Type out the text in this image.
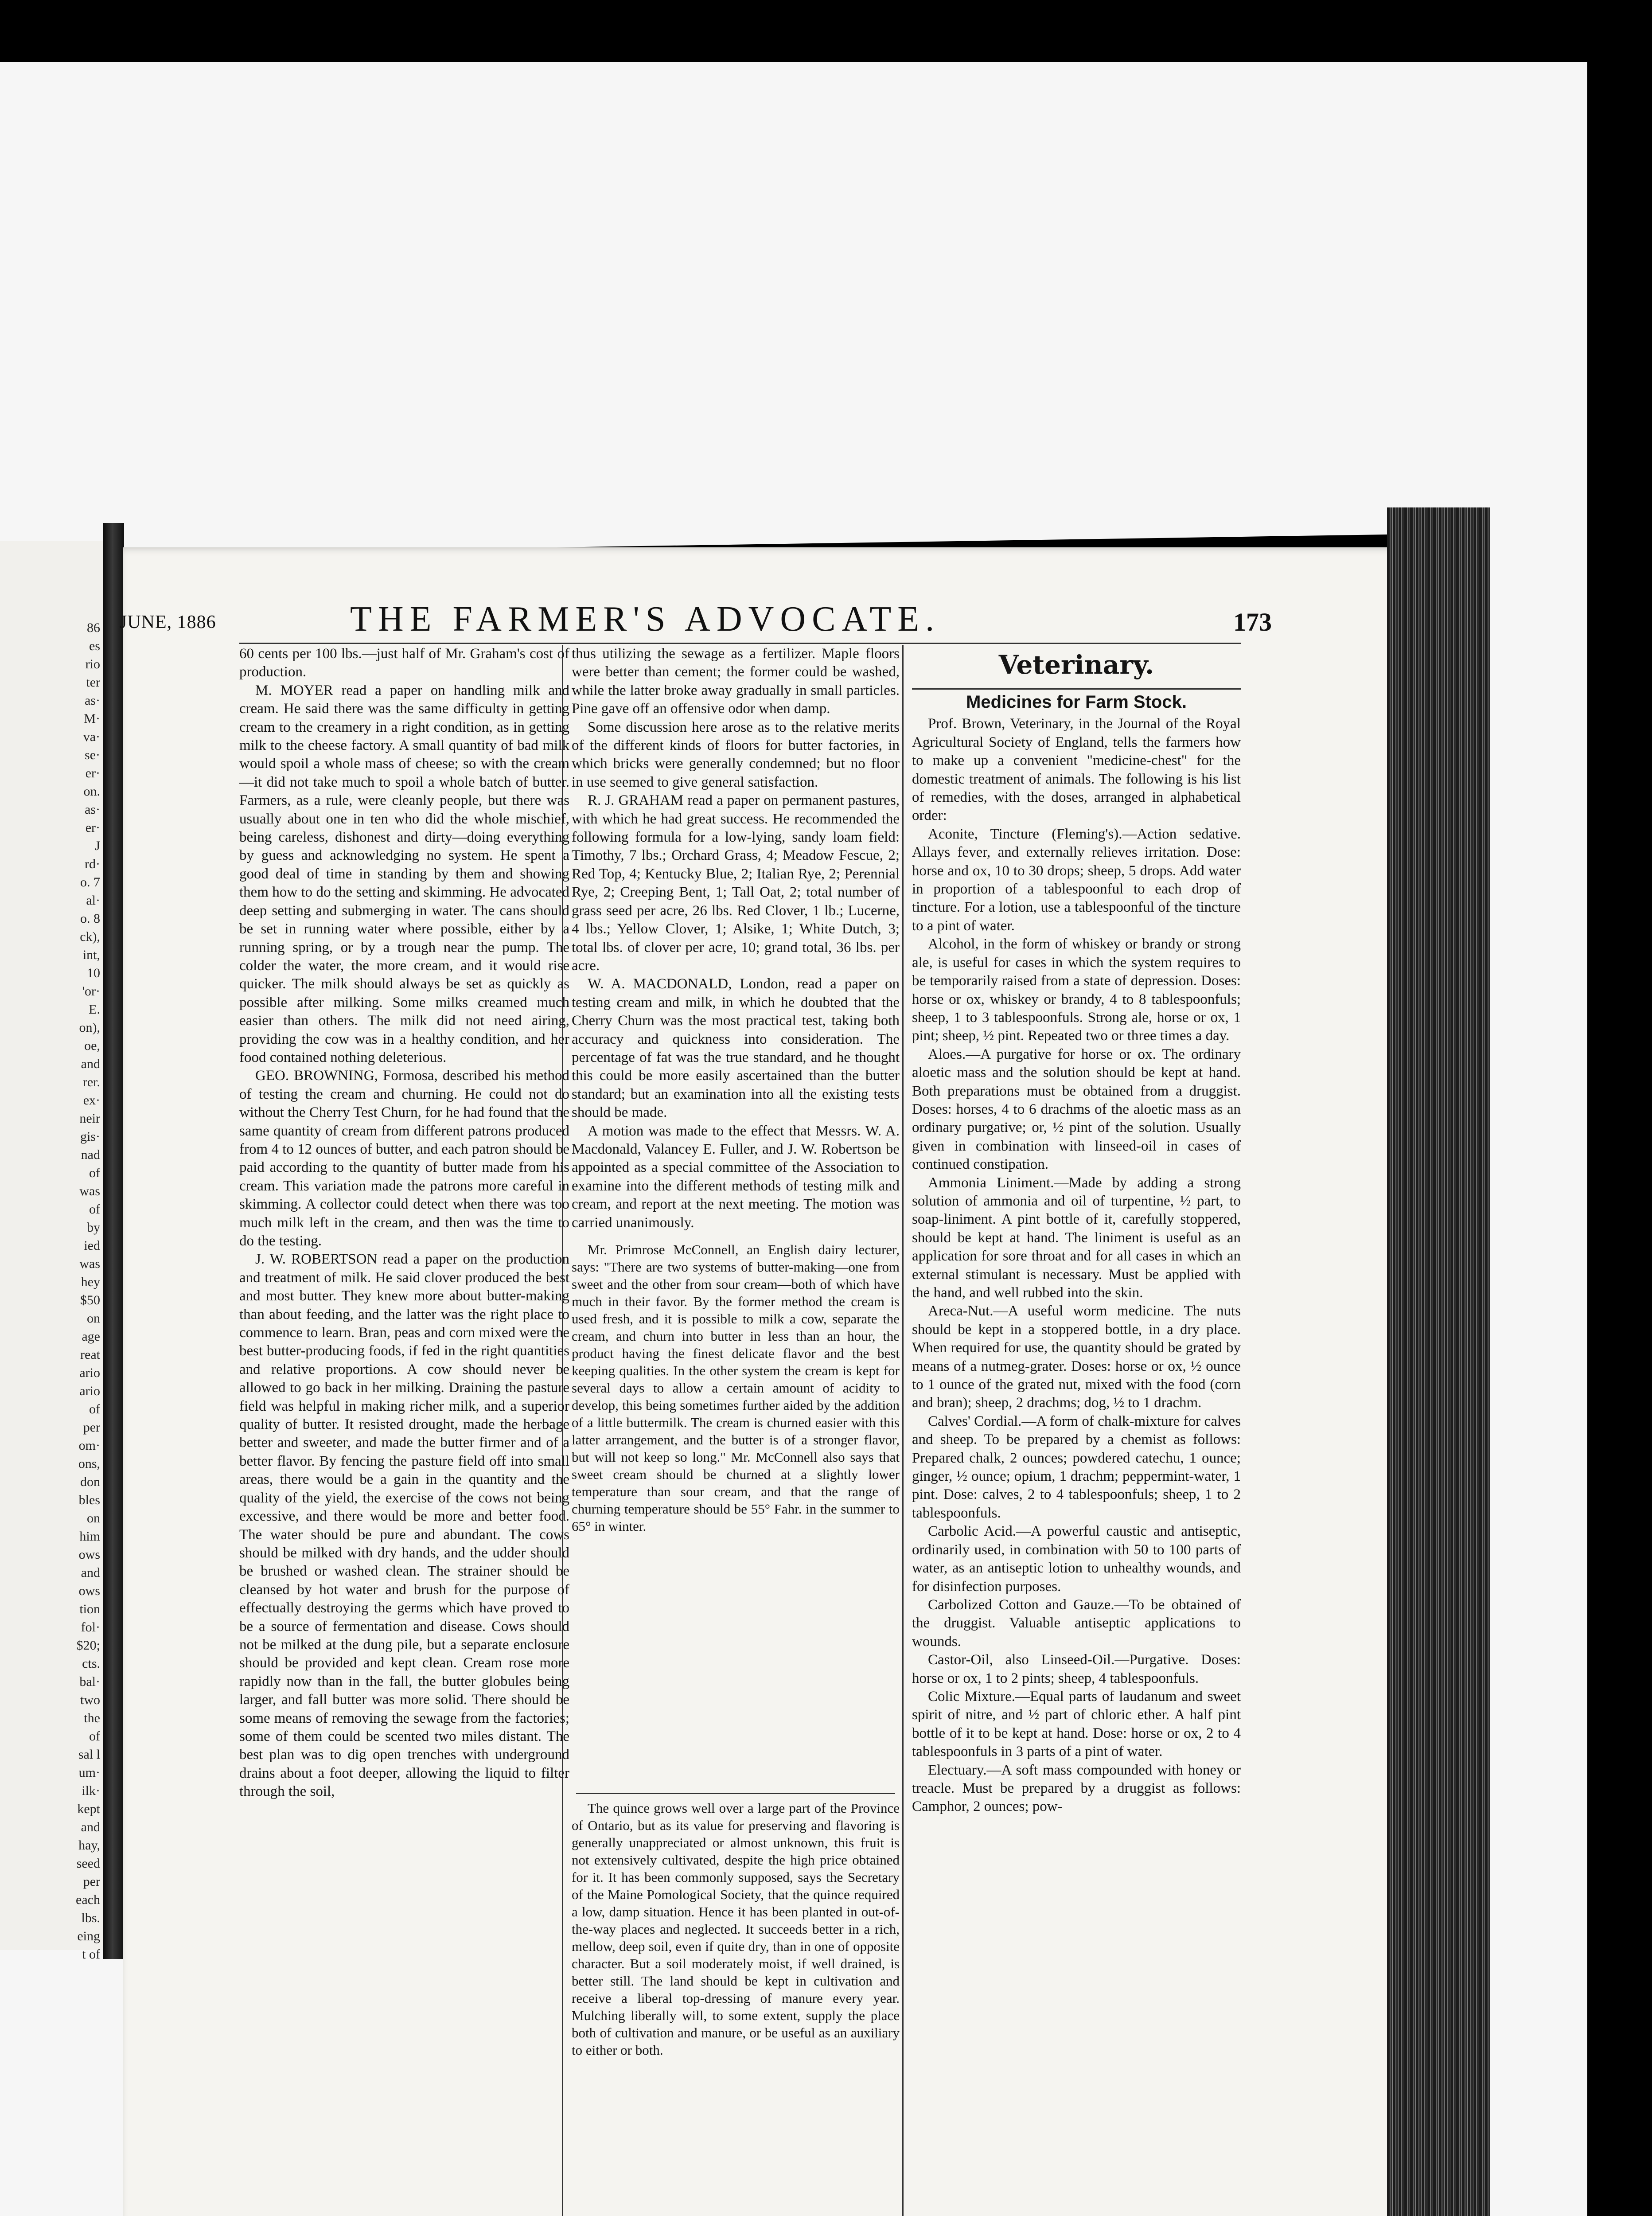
86
es
rio
ter
as·
M·
va·
se·
er·
on.
as·
er·
J
rd·
o. 7
al·
o. 8
ck),
int,
10
'or·
E.
on),
oe,
and
rer.
ex·
neir
gis·
nad
of
was
of
by
ied
was
hey
$50
on
age
reat
ario
ario
of
per
om·
ons,
don
bles
on
him
ows
and
ows
tion
fol·
$20;
cts.
bal·
two
the
of
sal l
um·
ilk·
kept
and
hay,
seed
per
each
lbs.
eing
t of
JUNE, 1886	THE FARMER'S ADVOCATE.	173

60 cents per 100 lbs.—just half of Mr. Graham's cost of production.

M. MOYER read a paper on handling milk and cream. He said there was the same difficulty in getting cream to the creamery in a right condition, as in getting milk to the cheese factory. A small quantity of bad milk would spoil a whole mass of cheese; so with the cream—it did not take much to spoil a whole batch of butter. Farmers, as a rule, were cleanly people, but there was usually about one in ten who did the whole mischief, being careless, dishonest and dirty—doing everything by guess and acknowledging no system. He spent a good deal of time in standing by them and showing them how to do the setting and skimming. He advocated deep setting and submerging in water. The cans should be set in running water where possible, either by a running spring, or by a trough near the pump. The colder the water, the more cream, and it would rise quicker. The milk should always be set as quickly as possible after milking. Some milks creamed much easier than others. The milk did not need airing, providing the cow was in a healthy condition, and her food contained nothing deleterious.

GEO. BROWNING, Formosa, described his method of testing the cream and churning. He could not do without the Cherry Test Churn, for he had found that the same quantity of cream from different patrons produced from 4 to 12 ounces of butter, and each patron should be paid according to the quantity of butter made from his cream. This variation made the patrons more careful in skimming. A collector could detect when there was too much milk left in the cream, and then was the time to do the testing.

J. W. ROBERTSON read a paper on the production and treatment of milk. He said clover produced the best and most butter. They knew more about butter-making than about feeding, and the latter was the right place to commence to learn. Bran, peas and corn mixed were the best butter-producing foods, if fed in the right quantities and relative proportions. A cow should never be allowed to go back in her milking. Draining the pasture field was helpful in making richer milk, and a superior quality of butter. It resisted drought, made the herbage better and sweeter, and made the butter firmer and of a better flavor. By fencing the pasture field off into small areas, there would be a gain in the quantity and the quality of the yield, the exercise of the cows not being excessive, and there would be more and better food. The water should be pure and abundant. The cows should be milked with dry hands, and the udder should be brushed or washed clean. The strainer should be cleansed by hot water and brush for the purpose of effectually destroying the germs which have proved to be a source of fermentation and disease. Cows should not be milked at the dung pile, but a separate enclosure should be provided and kept clean. Cream rose more rapidly now than in the fall, the butter globules being larger, and fall butter was more solid. There should be some means of removing the sewage from the factories; some of them could be scented two miles distant. The best plan was to dig open trenches with underground drains about a foot deeper, allowing the liquid to filter through the soil,

thus utilizing the sewage as a fertilizer. Maple floors were better than cement; the former could be washed, while the latter broke away gradually in small particles. Pine gave off an offensive odor when damp.

Some discussion here arose as to the relative merits of the different kinds of floors for butter factories, in which bricks were generally condemned; but no floor in use seemed to give general satisfaction.

R. J. GRAHAM read a paper on permanent pastures, with which he had great success. He recommended the following formula for a low-lying, sandy loam field: Timothy, 7 lbs.; Orchard Grass, 4; Meadow Fescue, 2; Red Top, 4; Kentucky Blue, 2; Italian Rye, 2; Perennial Rye, 2; Creeping Bent, 1; Tall Oat, 2; total number of grass seed per acre, 26 lbs. Red Clover, 1 lb.; Lucerne, 4 lbs.; Yellow Clover, 1; Alsike, 1; White Dutch, 3; total lbs. of clover per acre, 10; grand total, 36 lbs. per acre.

W. A. MACDONALD, London, read a paper on testing cream and milk, in which he doubted that the Cherry Churn was the most practical test, taking both accuracy and quickness into consideration. The percentage of fat was the true standard, and he thought this could be more easily ascertained than the butter standard; but an examination into all the existing tests should be made.

A motion was made to the effect that Messrs. W. A. Macdonald, Valancey E. Fuller, and J. W. Robertson be appointed as a special committee of the Association to examine into the different methods of testing milk and cream, and report at the next meeting. The motion was carried unanimously.

Mr. Primrose McConnell, an English dairy lecturer, says: "There are two systems of butter-making—one from sweet and the other from sour cream—both of which have much in their favor. By the former method the cream is used fresh, and it is possible to milk a cow, separate the cream, and churn into butter in less than an hour, the product having the finest delicate flavor and the best keeping qualities. In the other system the cream is kept for several days to allow a certain amount of acidity to develop, this being sometimes further aided by the addition of a little buttermilk. The cream is churned easier with this latter arrangement, and the butter is of a stronger flavor, but will not keep so long." Mr. McConnell also says that sweet cream should be churned at a slightly lower temperature than sour cream, and that the range of churning temperature should be 55° Fahr. in the summer to 65° in winter.

The quince grows well over a large part of the Province of Ontario, but as its value for preserving and flavoring is generally unappreciated or almost unknown, this fruit is not extensively cultivated, despite the high price obtained for it. It has been commonly supposed, says the Secretary of the Maine Pomological Society, that the quince required a low, damp situation. Hence it has been planted in out-of-the-way places and neglected. It succeeds better in a rich, mellow, deep soil, even if quite dry, than in one of opposite character. But a soil moderately moist, if well drained, is better still. The land should be kept in cultivation and receive a liberal top-dressing of manure every year. Mulching liberally will, to some extent, supply the place both of cultivation and manure, or be useful as an auxiliary to either or both.

Veterinary.

Medicines for Farm Stock.

Prof. Brown, Veterinary, in the Journal of the Royal Agricultural Society of England, tells the farmers how to make up a convenient "medicine-chest" for the domestic treatment of animals. The following is his list of remedies, with the doses, arranged in alphabetical order:

Aconite, Tincture (Fleming's).—Action sedative. Allays fever, and externally relieves irritation. Dose: horse and ox, 10 to 30 drops; sheep, 5 drops. Add water in proportion of a tablespoonful to each drop of tincture. For a lotion, use a tablespoonful of the tincture to a pint of water.

Alcohol, in the form of whiskey or brandy or strong ale, is useful for cases in which the system requires to be temporarily raised from a state of depression. Doses: horse or ox, whiskey or brandy, 4 to 8 tablespoonfuls; sheep, 1 to 3 tablespoonfuls. Strong ale, horse or ox, 1 pint; sheep, ½ pint. Repeated two or three times a day.

Aloes.—A purgative for horse or ox. The ordinary aloetic mass and the solution should be kept at hand. Both preparations must be obtained from a druggist. Doses: horses, 4 to 6 drachms of the aloetic mass as an ordinary purgative; or, ½ pint of the solution. Usually given in combination with linseed-oil in cases of continued constipation.

Ammonia Liniment.—Made by adding a strong solution of ammonia and oil of turpentine, ½ part, to soap-liniment. A pint bottle of it, carefully stoppered, should be kept at hand. The liniment is useful as an application for sore throat and for all cases in which an external stimulant is necessary. Must be applied with the hand, and well rubbed into the skin.

Areca-Nut.—A useful worm medicine. The nuts should be kept in a stoppered bottle, in a dry place. When required for use, the quantity should be grated by means of a nutmeg-grater. Doses: horse or ox, ½ ounce to 1 ounce of the grated nut, mixed with the food (corn and bran); sheep, 2 drachms; dog, ½ to 1 drachm.

Calves' Cordial.—A form of chalk-mixture for calves and sheep. To be prepared by a chemist as follows: Prepared chalk, 2 ounces; powdered catechu, 1 ounce; ginger, ½ ounce; opium, 1 drachm; peppermint-water, 1 pint. Dose: calves, 2 to 4 tablespoonfuls; sheep, 1 to 2 tablespoonfuls.

Carbolic Acid.—A powerful caustic and antiseptic, ordinarily used, in combination with 50 to 100 parts of water, as an antiseptic lotion to unhealthy wounds, and for disinfection purposes.

Carbolized Cotton and Gauze.—To be obtained of the druggist. Valuable antiseptic applications to wounds.

Castor-Oil, also Linseed-Oil.—Purgative. Doses: horse or ox, 1 to 2 pints; sheep, 4 tablespoonfuls.

Colic Mixture.—Equal parts of laudanum and sweet spirit of nitre, and ½ part of chloric ether. A half pint bottle of it to be kept at hand. Dose: horse or ox, 2 to 4 tablespoonfuls in 3 parts of a pint of water.

Electuary.—A soft mass compounded with honey or treacle. Must be prepared by a druggist as follows: Camphor, 2 ounces; pow-
